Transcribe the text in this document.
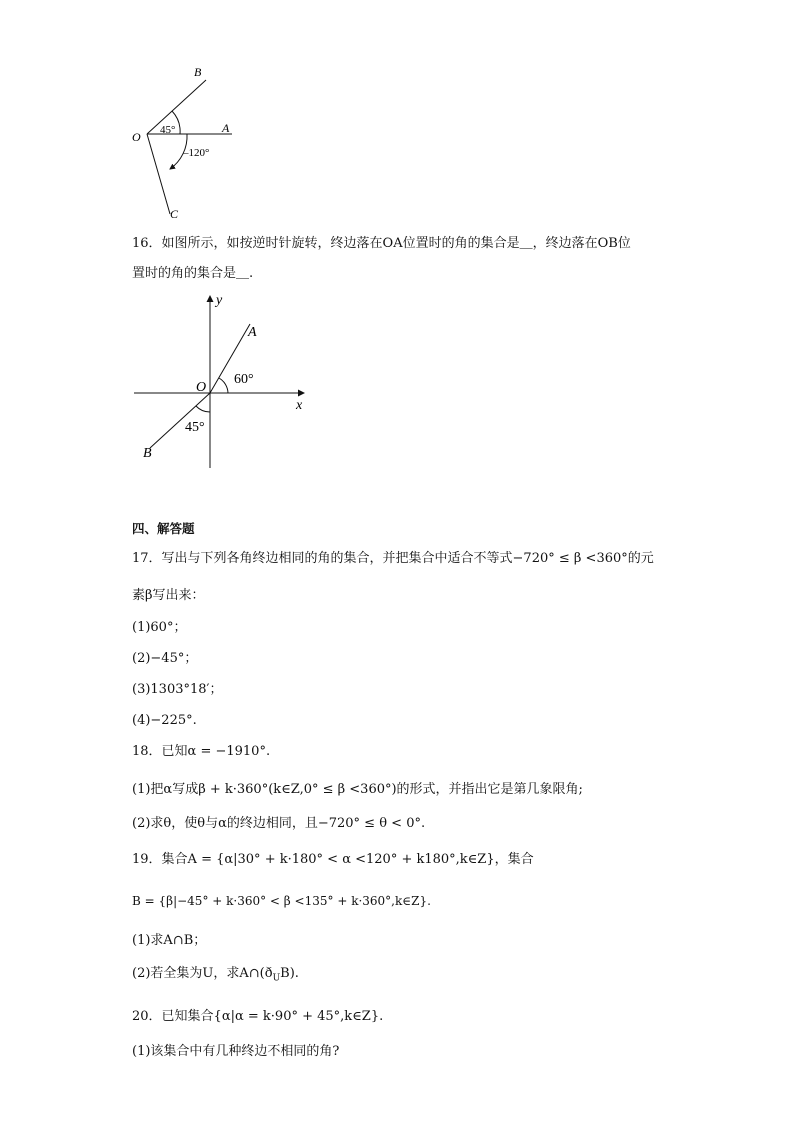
B
O
A
C
45°
–120°
16．如图所示，如按逆时针旋转，终边落在OA位置时的角的集合是＿，终边落在OB位
置时的角的集合是＿.
y
x
A
B
O
60°
45°
四、解答题
17．写出与下列各角终边相同的角的集合，并把集合中适合不等式−720° ≤ β <360°的元
素β写出来：
(1)60°；
(2)−45°；
(3)1303°18′；
(4)−225°.
18．已知α = −1910°.
(1)把α写成β + k·360°(k∈Z,0° ≤ β <360°)的形式，并指出它是第几象限角;
(2)求θ，使θ与α的终边相同，且−720° ≤ θ < 0°.
19．集合A = {α|30° + k·180° < α <120° + k180°,k∈Z}，集合
B = {β|−45° + k·360° < β <135° + k·360°,k∈Z}.
(1)求A∩B；
(2)若全集为U，求$A\cap(ð_UB)$.
20．已知集合{α|α = k·90° + 45°,k∈Z}.
(1)该集合中有几种终边不相同的角?
